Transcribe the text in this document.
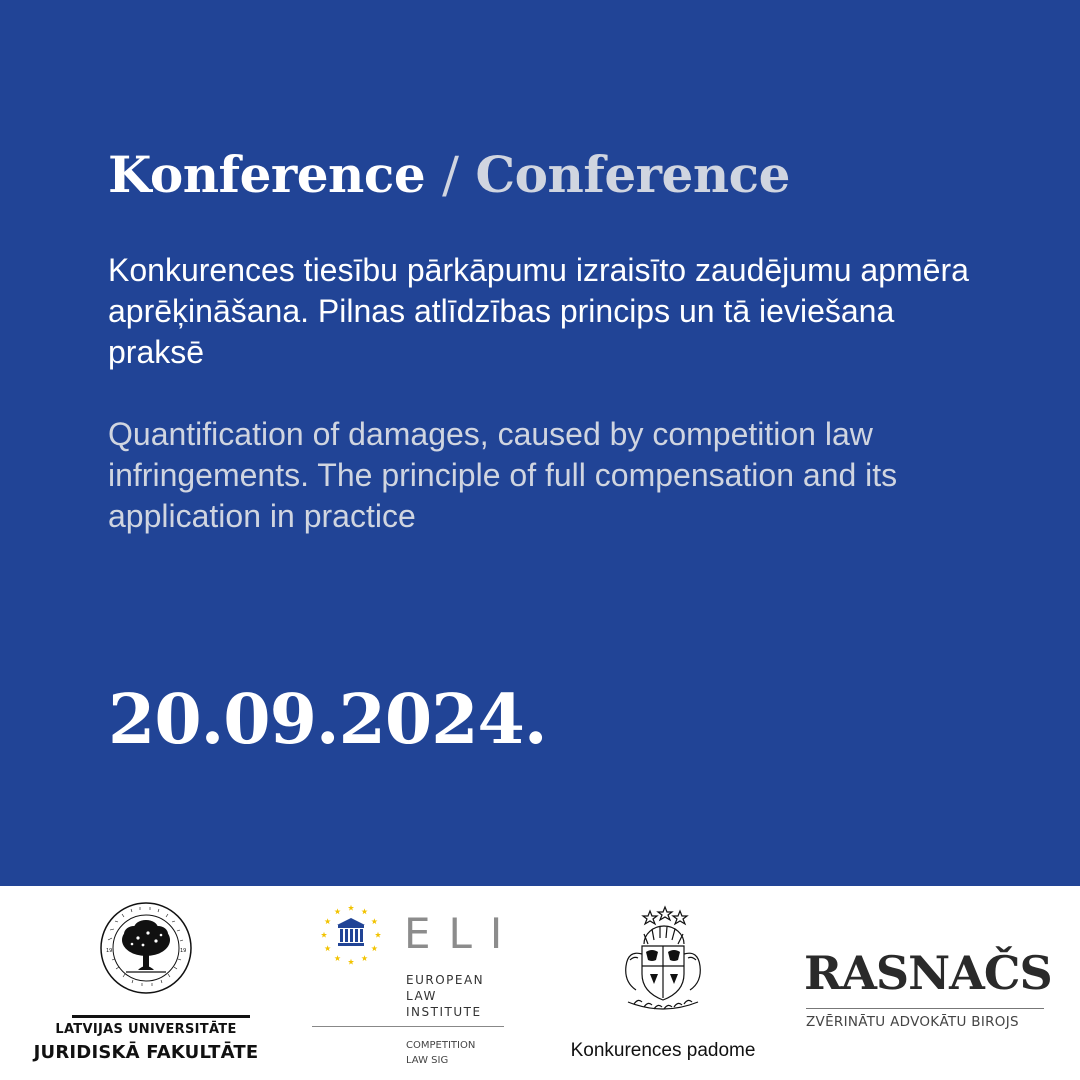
Konference / Conference

Konkurences tiesību pārkāpumu izraisīto zaudējumu apmēra aprēķināšana. Pilnas atlīdzības princips un tā ieviešana praksē

Quantification of damages, caused by competition law infringements. The principle of full compensation and its application in practice

20.09.2024.
19	19
LATVIJAS UNIVERSITĀTE
JURIDISKĀ FAKULTĀTE
ELI
EUROPEAN
LAW
INSTITUTE
COMPETITION
LAW SIG	Konkurences padome
RASNAČS
ZVĒRINĀTU ADVOKĀTU BIROJS
